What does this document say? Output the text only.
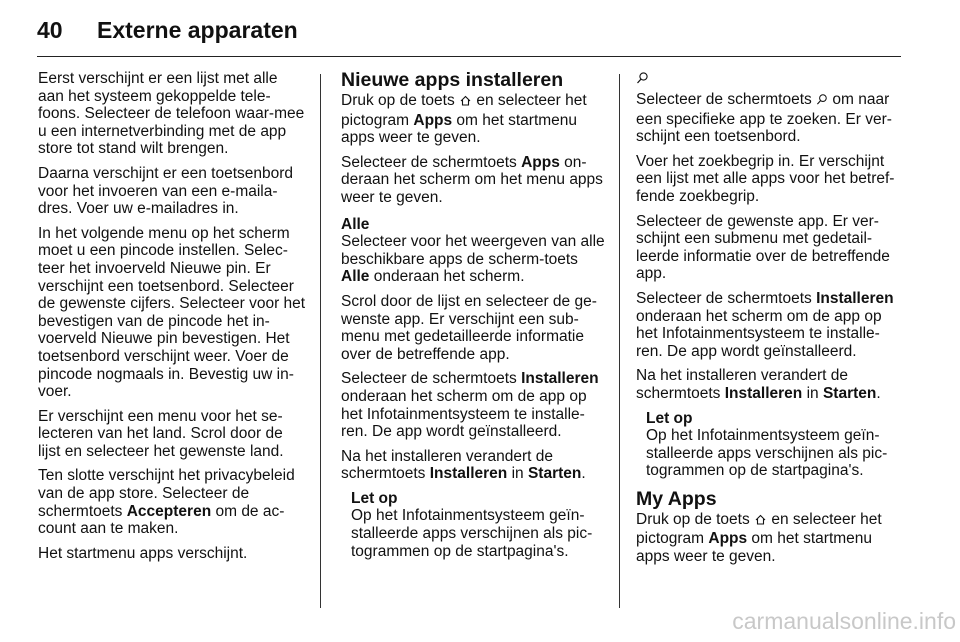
40	Externe apparaten

Eerst verschijnt er een lijst met alle aan het systeem gekoppelde tele-foons. Selecteer de telefoon waar-mee u een internetverbinding met de app store tot stand wilt brengen.

Daarna verschijnt er een toetsenbord voor het invoeren van een e-maila-dres. Voer uw e-mailadres in.

In het volgende menu op het scherm moet u een pincode instellen. Selec-teer het invoerveld Nieuwe pin. Er verschijnt een toetsenbord. Selecteer de gewenste cijfers. Selecteer voor het bevestigen van de pincode het in-voerveld Nieuwe pin bevestigen. Het toetsenbord verschijnt weer. Voer de pincode nogmaals in. Bevestig uw in-voer.

Er verschijnt een menu voor het se-lecteren van het land. Scrol door de lijst en selecteer het gewenste land.

Ten slotte verschijnt het privacybeleid van de app store. Selecteer de schermtoets Accepteren om de ac-count aan te maken.

Het startmenu apps verschijnt.

Nieuwe apps installeren

Druk op de toets  en selecteer het pictogram Apps om het startmenu apps weer te geven.

Selecteer de schermtoets Apps on-deraan het scherm om het menu apps weer te geven.

Alle

Selecteer voor het weergeven van alle beschikbare apps de scherm-toets Alle onderaan het scherm.

Scrol door de lijst en selecteer de ge-wenste app. Er verschijnt een sub-menu met gedetailleerde informatie over de betreffende app.

Selecteer de schermtoets Installeren onderaan het scherm om de app op het Infotainmentsysteem te installe-ren. De app wordt geïnstalleerd.

Na het installeren verandert de schermtoets Installeren in Starten.

Let op
Op het Infotainmentsysteem geïn-stalleerde apps verschijnen als pic-togrammen op de startpagina's.

Selecteer de schermtoets  om naar een specifieke app te zoeken. Er ver-schijnt een toetsenbord.

Voer het zoekbegrip in. Er verschijnt een lijst met alle apps voor het betref-fende zoekbegrip.

Selecteer de gewenste app. Er ver-schijnt een submenu met gedetail-leerde informatie over de betreffende app.

Selecteer de schermtoets Installeren onderaan het scherm om de app op het Infotainmentsysteem te installe-ren. De app wordt geïnstalleerd.

Na het installeren verandert de schermtoets Installeren in Starten.

Let op
Op het Infotainmentsysteem geïn-stalleerde apps verschijnen als pic-togrammen op de startpagina's.
My Apps

Druk op de toets  en selecteer het pictogram Apps om het startmenu apps weer te geven.

carmanualsonline.info
